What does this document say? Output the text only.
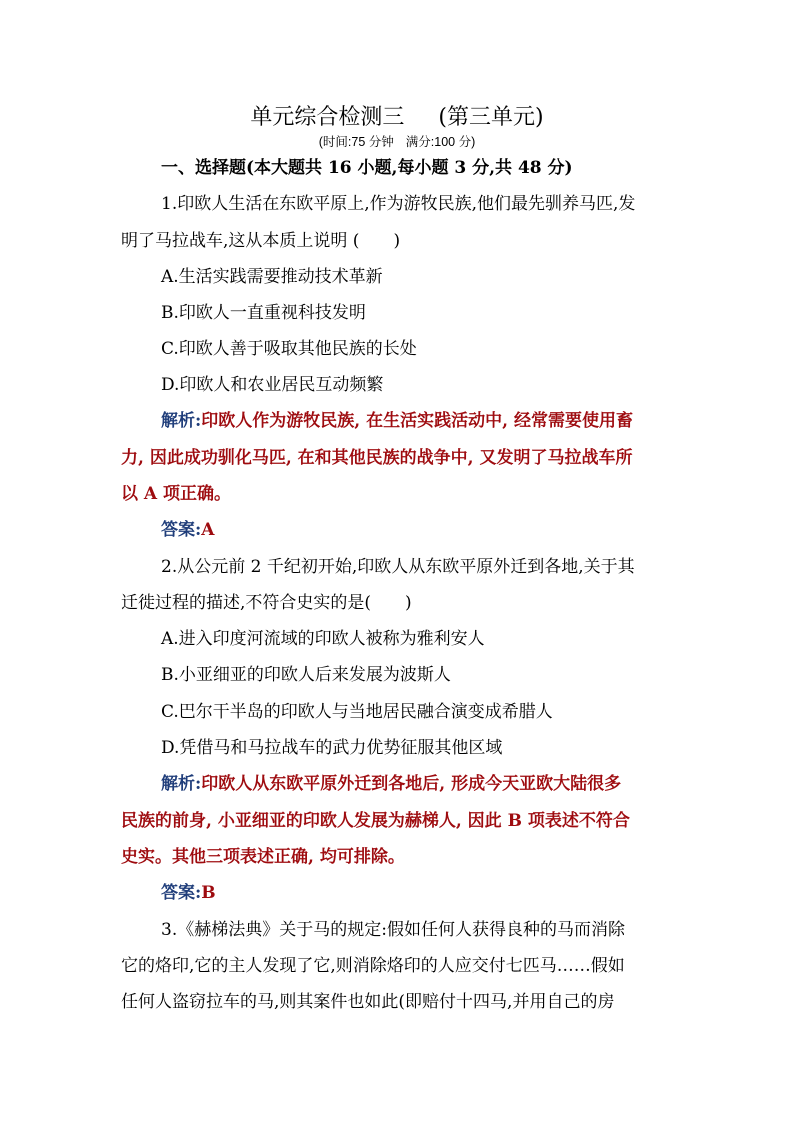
单元综合检测三 (第三单元)
(时间:75 分钟 满分:100 分)
一、选择题(本大题共 16 小题,每小题 3 分,共 48 分)
1.印欧人生活在东欧平原上,作为游牧民族,他们最先驯养马匹,发
明了马拉战车,这从本质上说明 (　　)
A.生活实践需要推动技术革新
B.印欧人一直重视科技发明
C.印欧人善于吸取其他民族的长处
D.印欧人和农业居民互动频繁
解析:印欧人作为游牧民族, 在生活实践活动中, 经常需要使用畜
力, 因此成功驯化马匹, 在和其他民族的战争中, 又发明了马拉战车所
以 A 项正确。
答案:A
2.从公元前 2 千纪初开始,印欧人从东欧平原外迁到各地,关于其
迁徙过程的描述,不符合史实的是(　　)
A.进入印度河流域的印欧人被称为雅利安人
B.小亚细亚的印欧人后来发展为波斯人
C.巴尔干半岛的印欧人与当地居民融合演变成希腊人
D.凭借马和马拉战车的武力优势征服其他区域
解析:印欧人从东欧平原外迁到各地后, 形成今天亚欧大陆很多
民族的前身, 小亚细亚的印欧人发展为赫梯人, 因此 B 项表述不符合
史实。其他三项表述正确, 均可排除。
答案:B
3.《赫梯法典》关于马的规定:假如任何人获得良种的马而消除
它的烙印,它的主人发现了它,则消除烙印的人应交付七匹马……假如
任何人盗窃拉车的马,则其案件也如此(即赔付十四马,并用自己的房
